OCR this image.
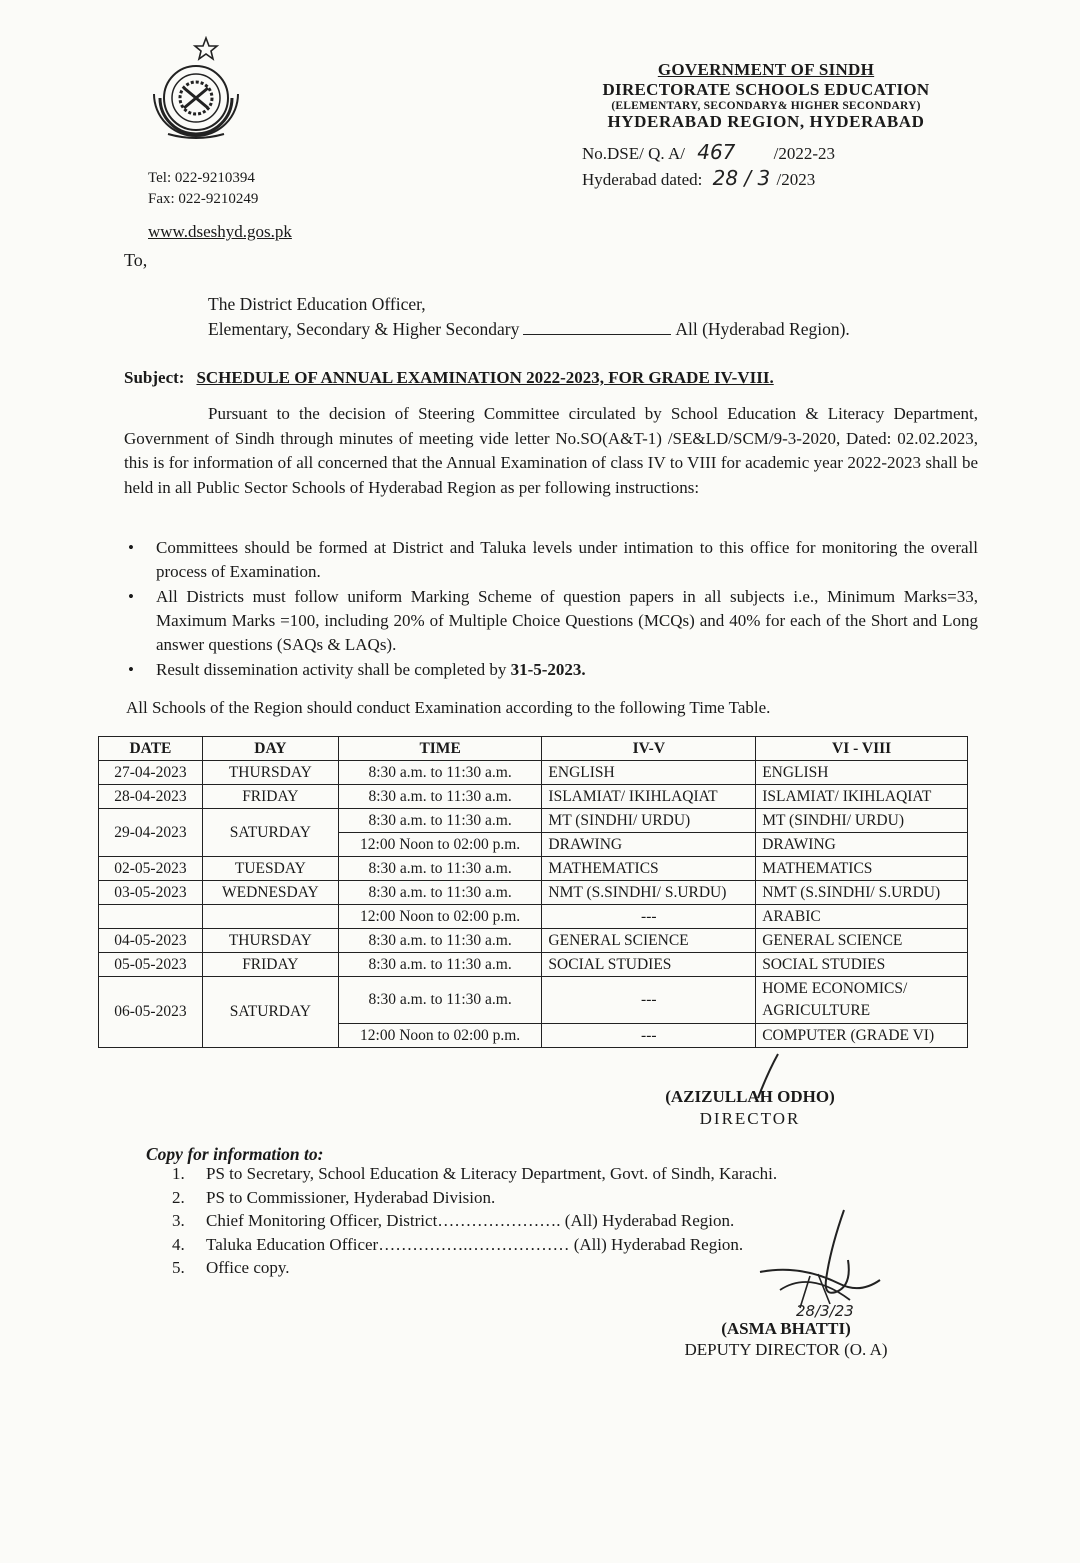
Tel: 022-9210394
Fax: 022-9210249
www.dseshyd.gos.pk
GOVERNMENT OF SINDH
DIRECTORATE SCHOOLS EDUCATION
(ELEMENTARY, SECONDARY& HIGHER SECONDARY)
HYDERABAD REGION, HYDERABAD
No.DSE/ Q. A/ 467 /2022-23
Hyderabad dated: 28 / 3 /2023
To,
The District Education Officer,
Elementary, Secondary & Higher Secondary	All (Hyderabad Region).
Subject: SCHEDULE OF ANNUAL EXAMINATION 2022-2023, FOR GRADE IV-VIII.
Pursuant to the decision of Steering Committee circulated by School Education & Literacy Department, Government of Sindh through minutes of meeting vide letter No.SO(A&T-1) /SE&LD/SCM/9-3-2020, Dated: 02.02.2023, this is for information of all concerned that the Annual Examination of class IV to VIII for academic year 2022-2023 shall be held in all Public Sector Schools of Hyderabad Region as per following instructions:
• Committees should be formed at District and Taluka levels under intimation to this office for monitoring the overall process of Examination.
• All Districts must follow uniform Marking Scheme of question papers in all subjects i.e., Minimum Marks=33, Maximum Marks =100, including 20% of Multiple Choice Questions (MCQs) and 40% for each of the Short and Long answer questions (SAQs & LAQs).
• Result dissemination activity shall be completed by 31-5-2023.
All Schools of the Region should conduct Examination according to the following Time Table.
DATE	DAY	TIME	IV-V	VI - VIII
27-04-2023	THURSDAY	8:30 a.m. to 11:30 a.m.	ENGLISH	ENGLISH
28-04-2023	FRIDAY	8:30 a.m. to 11:30 a.m.	ISLAMIAT/ IKIHLAQIAT	ISLAMIAT/ IKIHLAQIAT
29-04-2023	SATURDAY	8:30 a.m. to 11:30 a.m.	MT (SINDHI/ URDU)	MT (SINDHI/ URDU)
		12:00 Noon to 02:00 p.m.	DRAWING	DRAWING
02-05-2023	TUESDAY	8:30 a.m. to 11:30 a.m.	MATHEMATICS	MATHEMATICS
03-05-2023	WEDNESDAY	8:30 a.m. to 11:30 a.m.	NMT (S.SINDHI/ S.URDU)	NMT (S.SINDHI/ S.URDU)
		12:00 Noon to 02:00 p.m.	---	ARABIC
04-05-2023	THURSDAY	8:30 a.m. to 11:30 a.m.	GENERAL SCIENCE	GENERAL SCIENCE
05-05-2023	FRIDAY	8:30 a.m. to 11:30 a.m.	SOCIAL STUDIES	SOCIAL STUDIES
06-05-2023	SATURDAY	8:30 a.m. to 11:30 a.m.	---	HOME ECONOMICS/ AGRICULTURE
		12:00 Noon to 02:00 p.m.	---	COMPUTER (GRADE VI)
(AZIZULLAH ODHO)
DIRECTOR
Copy for information to:
1.	PS to Secretary, School Education & Literacy Department, Govt. of Sindh, Karachi.
2.	PS to Commissioner, Hyderabad Division.
3.	Chief Monitoring Officer, District…………………. (All) Hyderabad Region.
4.	Taluka Education Officer…………….……………… (All) Hyderabad Region.
5.	Office copy.
28/3/23
(ASMA BHATTI)
DEPUTY DIRECTOR (O. A)
